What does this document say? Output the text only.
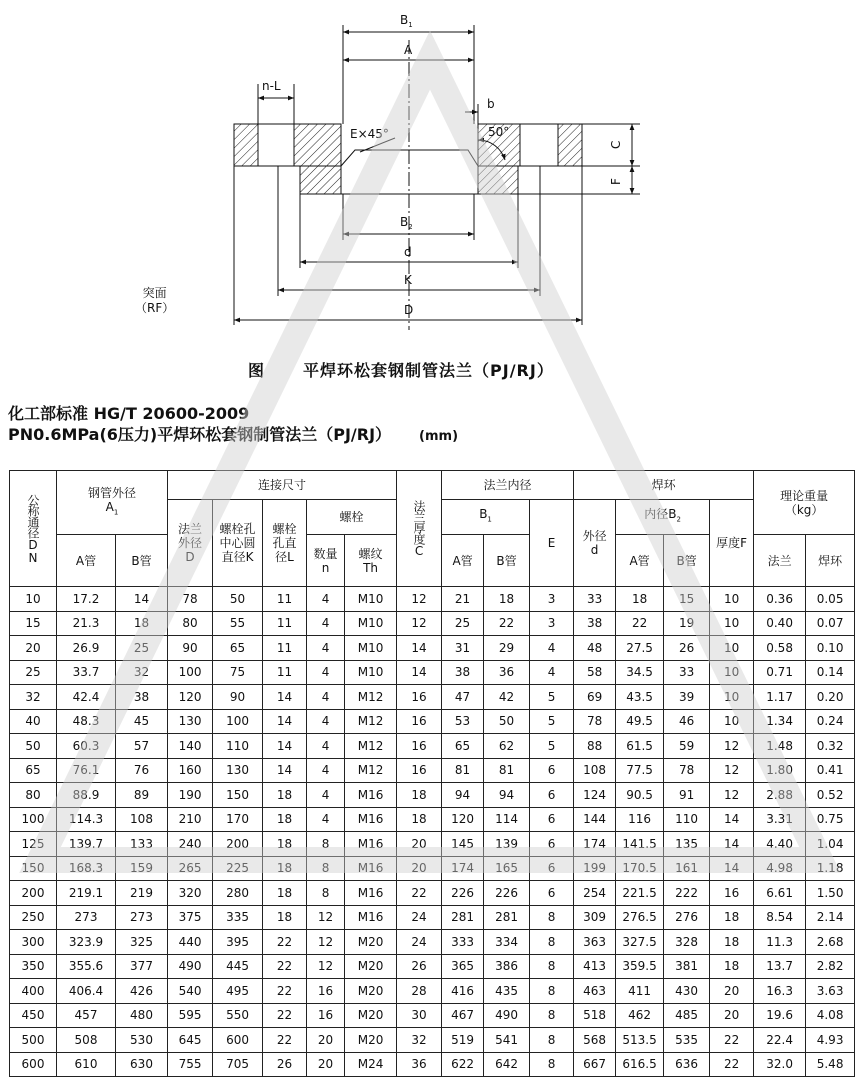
$B_1$
A
n-L
b
E×45°	50°
C
F
$B_2$
d
K
D
突面
（RF）
图 平焊环松套钢制管法兰（PJ/RJ）
化工部标准 HG/T 20600-2009
PN0.6MPa(6压力)平焊环松套钢制管法兰（PJ/RJ） (mm)
公称通径DN	钢管外径
$A_1$		连接尺寸					法兰厚度C	法兰内径			焊环				理论重量（kg）	
			法兰外径D	螺栓孔中心圆直径K	螺栓孔直径L	螺栓			$B_1$		E	外径d	内径$B_2$		厚度F		
	A管	B管				数量n	螺纹Th		A管	B管			A管	B管		法兰	焊环
10	17.2	14	78	50	11	4	M10	12	21	18	3	33	18	15	10	0.36	0.05
15	21.3	18	80	55	11	4	M10	12	25	22	3	38	22	19	10	0.40	0.07
20	26.9	25	90	65	11	4	M10	14	31	29	4	48	27.5	26	10	0.58	0.10
25	33.7	32	100	75	11	4	M10	14	38	36	4	58	34.5	33	10	0.71	0.14
32	42.4	38	120	90	14	4	M12	16	47	42	5	69	43.5	39	10	1.17	0.20
40	48.3	45	130	100	14	4	M12	16	53	50	5	78	49.5	46	10	1.34	0.24
50	60.3	57	140	110	14	4	M12	16	65	62	5	88	61.5	59	12	1.48	0.32
65	76.1	76	160	130	14	4	M12	16	81	81	6	108	77.5	78	12	1.80	0.41
80	88.9	89	190	150	18	4	M16	18	94	94	6	124	90.5	91	12	2.88	0.52
100	114.3	108	210	170	18	4	M16	18	120	114	6	144	116	110	14	3.31	0.75
125	139.7	133	240	200	18	8	M16	20	145	139	6	174	141.5	135	14	4.40	1.04
150	168.3	159	265	225	18	8	M16	20	174	165	6	199	170.5	161	14	4.98	1.18
200	219.1	219	320	280	18	8	M16	22	226	226	6	254	221.5	222	16	6.61	1.50
250	273	273	375	335	18	12	M16	24	281	281	8	309	276.5	276	18	8.54	2.14
300	323.9	325	440	395	22	12	M20	24	333	334	8	363	327.5	328	18	11.3	2.68
350	355.6	377	490	445	22	12	M20	26	365	386	8	413	359.5	381	18	13.7	2.82
400	406.4	426	540	495	22	16	M20	28	416	435	8	463	411	430	20	16.3	3.63
450	457	480	595	550	22	16	M20	30	467	490	8	518	462	485	20	19.6	4.08
500	508	530	645	600	22	20	M20	32	519	541	8	568	513.5	535	22	22.4	4.93
600	610	630	755	705	26	20	M24	36	622	642	8	667	616.5	636	22	32.0	5.48
